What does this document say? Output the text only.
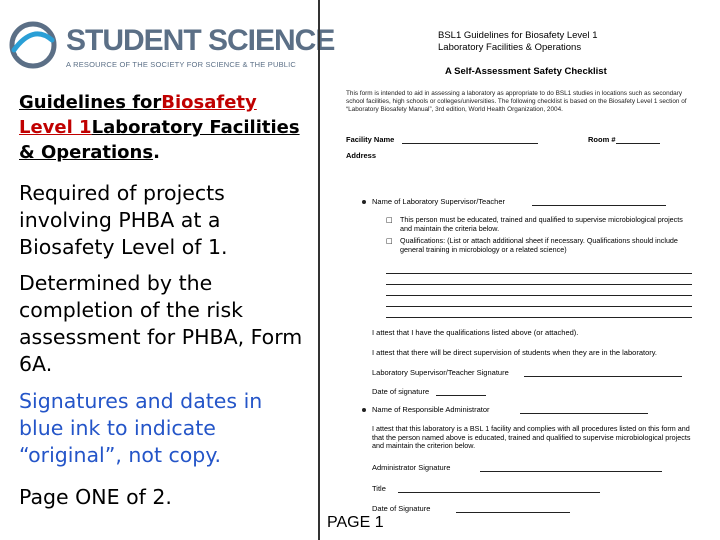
STUDENT SCIENCE
A RESOURCE OF THE SOCIETY FOR SCIENCE & THE PUBLIC
Guidelines forBiosafety Level 1Laboratory Facilities & Operations.
Required of projects involving PHBA at a Biosafety Level of 1.
Determined by the completion of the risk assessment for PHBA, Form 6A.
Signatures and dates in blue ink to indicate “original”, not copy.
Page ONE of 2.
BSL1 Guidelines for Biosafety Level 1
Laboratory Facilities & Operations
A Self-Assessment Safety Checklist
This form is intended to aid in assessing a laboratory as appropriate to do BSL1 studies in locations such as secondary school facilities, high schools or colleges/universities. The following checklist is based on the Biosafety Level 1 section of “Laboratory Biosafety Manual”, 3rd edition, World Health Organization, 2004.
Facility Name	Room #
Address
Name of Laboratory Supervisor/Teacher
□ This person must be educated, trained and qualified to supervise microbiological projects and maintain the criteria below.
□ Qualifications: (List or attach additional sheet if necessary. Qualifications should include general training in microbiology or a related science)
I attest that I have the qualifications listed above (or attached).
I attest that there will be direct supervision of students when they are in the laboratory.
Laboratory Supervisor/Teacher Signature
Date of signature
Name of Responsible Administrator
I attest that this laboratory is a BSL 1 facility and complies with all procedures listed on this form and that the person named above is educated, trained and qualified to supervise microbiological projects and maintain the criterion below.
Administrator Signature
Title
Date of Signature
PAGE 1
